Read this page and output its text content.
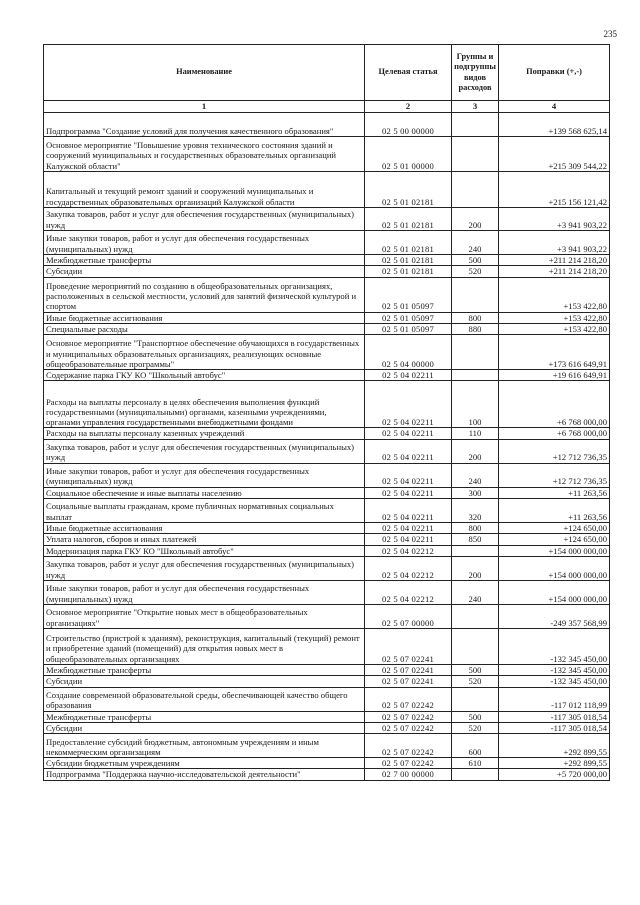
235
Наименование	Целевая статья	Группы и подгруппы видов расходов	Поправки (+,-)
1	2	3	4
Подпрограмма "Создание условий для получения качественного образования"	02 5 00 00000		+139 568 625,14
Основное мероприятие "Повышение уровня технического состояния зданий и сооружений муниципальных и государственных образовательных организаций Калужской области"	02 5 01 00000		+215 309 544,22
Капитальный и текущий ремонт зданий и сооружений муниципальных и государственных образовательных организаций Калужской области	02 5 01 02181		+215 156 121,42
Закупка товаров, работ и услуг для обеспечения государственных (муниципальных) нужд	02 5 01 02181	200	+3 941 903,22
Иные закупки товаров, работ и услуг для обеспечения государственных (муниципальных) нужд	02 5 01 02181	240	+3 941 903,22
Межбюджетные трансферты	02 5 01 02181	500	+211 214 218,20
Субсидии	02 5 01 02181	520	+211 214 218,20
Проведение мероприятий по созданию в общеобразовательных организациях, расположенных в сельской местности, условий для занятий физической культурой и спортом	02 5 01 05097		+153 422,80
Иные бюджетные ассигнования	02 5 01 05097	800	+153 422,80
Специальные расходы	02 5 01 05097	880	+153 422,80
Основное мероприятие "Транспортное обеспечение обучающихся в государственных и муниципальных образовательных организациях, реализующих основные общеобразовательные программы"	02 5 04 00000		+173 616 649,91
Содержание парка ГКУ КО "Школьный автобус"	02 5 04 02211		+19 616 649,91
Расходы на выплаты персоналу в целях обеспечения выполнения функций государственными (муниципальными) органами, казенными учреждениями, органами управления государственными внебюджетными фондами	02 5 04 02211	100	+6 768 000,00
Расходы на выплаты персоналу казенных учреждений	02 5 04 02211	110	+6 768 000,00
Закупка товаров, работ и услуг для обеспечения государственных (муниципальных) нужд	02 5 04 02211	200	+12 712 736,35
Иные закупки товаров, работ и услуг для обеспечения государственных (муниципальных) нужд	02 5 04 02211	240	+12 712 736,35
Социальное обеспечение и иные выплаты населению	02 5 04 02211	300	+11 263,56
Социальные выплаты гражданам, кроме публичных нормативных социальных выплат	02 5 04 02211	320	+11 263,56
Иные бюджетные ассигнования	02 5 04 02211	800	+124 650,00
Уплата налогов, сборов и иных платежей	02 5 04 02211	850	+124 650,00
Модернизация парка ГКУ КО "Школьный автобус"	02 5 04 02212		+154 000 000,00
Закупка товаров, работ и услуг для обеспечения государственных (муниципальных) нужд	02 5 04 02212	200	+154 000 000,00
Иные закупки товаров, работ и услуг для обеспечения государственных (муниципальных) нужд	02 5 04 02212	240	+154 000 000,00
Основное мероприятие "Открытие новых мест в общеобразовательных организациях"	02 5 07 00000		-249 357 568,99
Строительство (пристрой к зданиям), реконструкция, капитальный (текущий) ремонт и приобретение зданий (помещений) для открытия новых мест в общеобразовательных организациях	02 5 07 02241		-132 345 450,00
Межбюджетные трансферты	02 5 07 02241	500	-132 345 450,00
Субсидии	02 5 07 02241	520	-132 345 450,00
Создание современной образовательной среды, обеспечивающей качество общего образования	02 5 07 02242		-117 012 118,99
Межбюджетные трансферты	02 5 07 02242	500	-117 305 018,54
Субсидии	02 5 07 02242	520	-117 305 018,54
Предоставление субсидий бюджетным, автономным учреждениям и иным некоммерческим организациям	02 5 07 02242	600	+292 899,55
Субсидии бюджетным учреждениям	02 5 07 02242	610	+292 899,55
Подпрограмма "Поддержка научно-исследовательской деятельности"	02 7 00 00000		+5 720 000,00
